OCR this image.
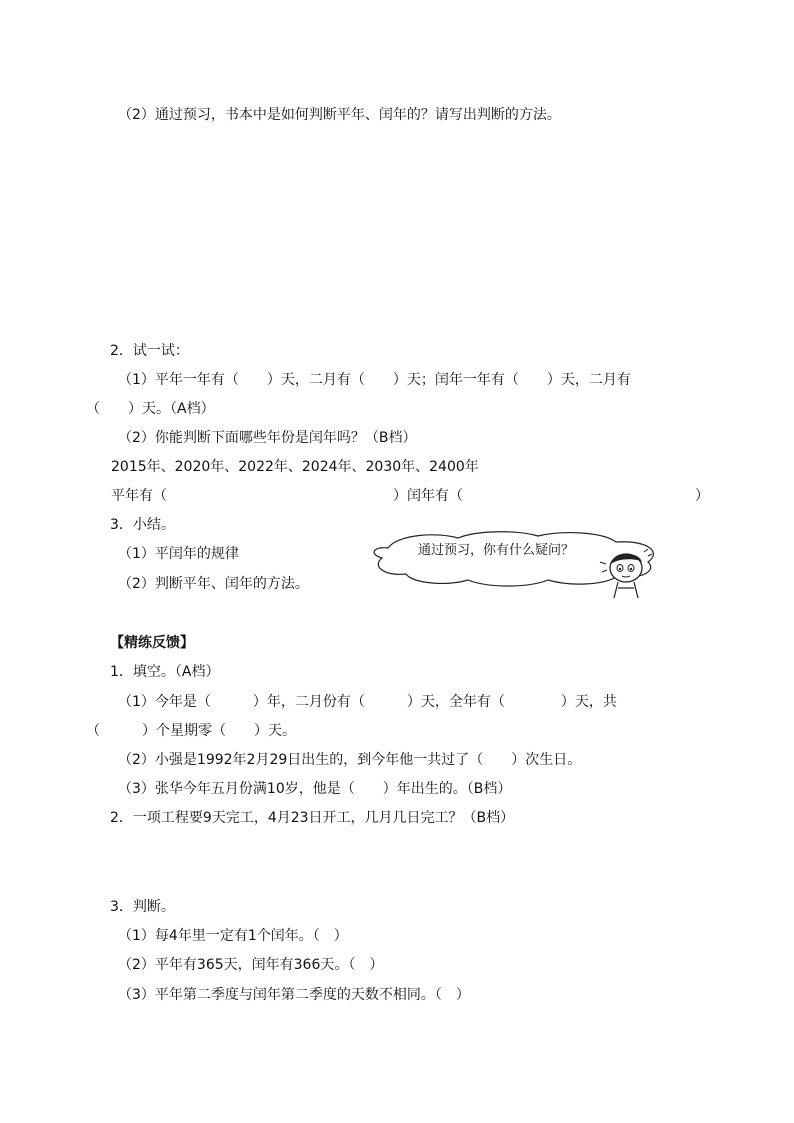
（2）通过预习，书本中是如何判断平年、闰年的？请写出判断的方法。
2．试一试：
（1）平年一年有（　　）天，二月有（　　）天；闰年一年有（　　）天，二月有
（　　）天。（A档）
（2）你能判断下面哪些年份是闰年吗？（B档）
2015年、2020年、2022年、2024年、2030年、2400年
平年有（	）闰年有（	）
3．小结。
（1）平闰年的规律
（2）判断平年、闰年的方法。
通过预习，你有什么疑问？
【精练反馈】
1．填空。（A档）
（1）今年是（　　　）年，二月份有（　　　）天，全年有（　　　　）天，共
（　　　）个星期零（　　）天。
（2）小强是1992年2月29日出生的，到今年他一共过了（　　）次生日。
（3）张华今年五月份满10岁，他是（　　）年出生的。（B档）
2．一项工程要9天完工，4月23日开工，几月几日完工？（B档）
3．判断。
（1）每4年里一定有1个闰年。（　）
（2）平年有365天，闰年有366天。（　）
（3）平年第二季度与闰年第二季度的天数不相同。（　）
